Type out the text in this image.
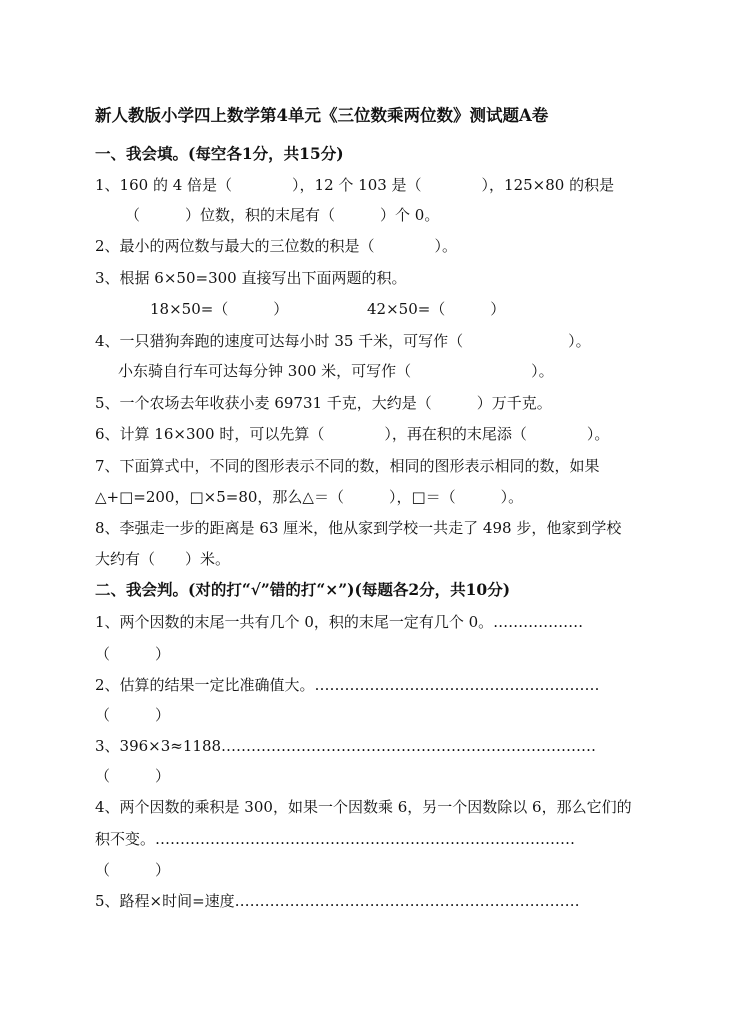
新人教版小学四上数学第4单元《三位数乘两位数》测试题A卷
一、我会填。(每空各1分，共15分)
1、160 的 4 倍是（　　　　），12 个 103 是（　　　　），125×80 的积是
（　　　）位数，积的末尾有（　　　）个 0。
2、最小的两位数与最大的三位数的积是（　　　　）。
3、根据 6×50=300 直接写出下面两题的积。
18×50=（　　　）	42×50=（　　　）
4、一只猎狗奔跑的速度可达每小时 35 千米，可写作（　　　　　　　）。
小东骑自行车可达每分钟 300 米，可写作（　　　　　　　　）。
5、一个农场去年收获小麦 69731 千克，大约是（　　　）万千克。
6、计算 16×300 时，可以先算（　　　　），再在积的末尾添（　　　　）。
7、下面算式中，不同的图形表示不同的数，相同的图形表示相同的数，如果
△+□=200，□×5=80，那么△＝（　　　），□＝（　　　）。
8、李强走一步的距离是 63 厘米，他从家到学校一共走了 498 步，他家到学校
大约有（　　）米。
二、我会判。(对的打“√”错的打“×”)(每题各2分，共10分)
1、两个因数的末尾一共有几个 0，积的末尾一定有几个 0。………………
（　　　）
2、估算的结果一定比准确值大。…………………………………………………
（　　　）
3、396×3≈1188…………………………………………………………………
（　　　）
4、两个因数的乘积是 300，如果一个因数乘 6，另一个因数除以 6，那么它们的
积不变。…………………………………………………………………………
（　　　）
5、路程×时间=速度……………………………………………………………
